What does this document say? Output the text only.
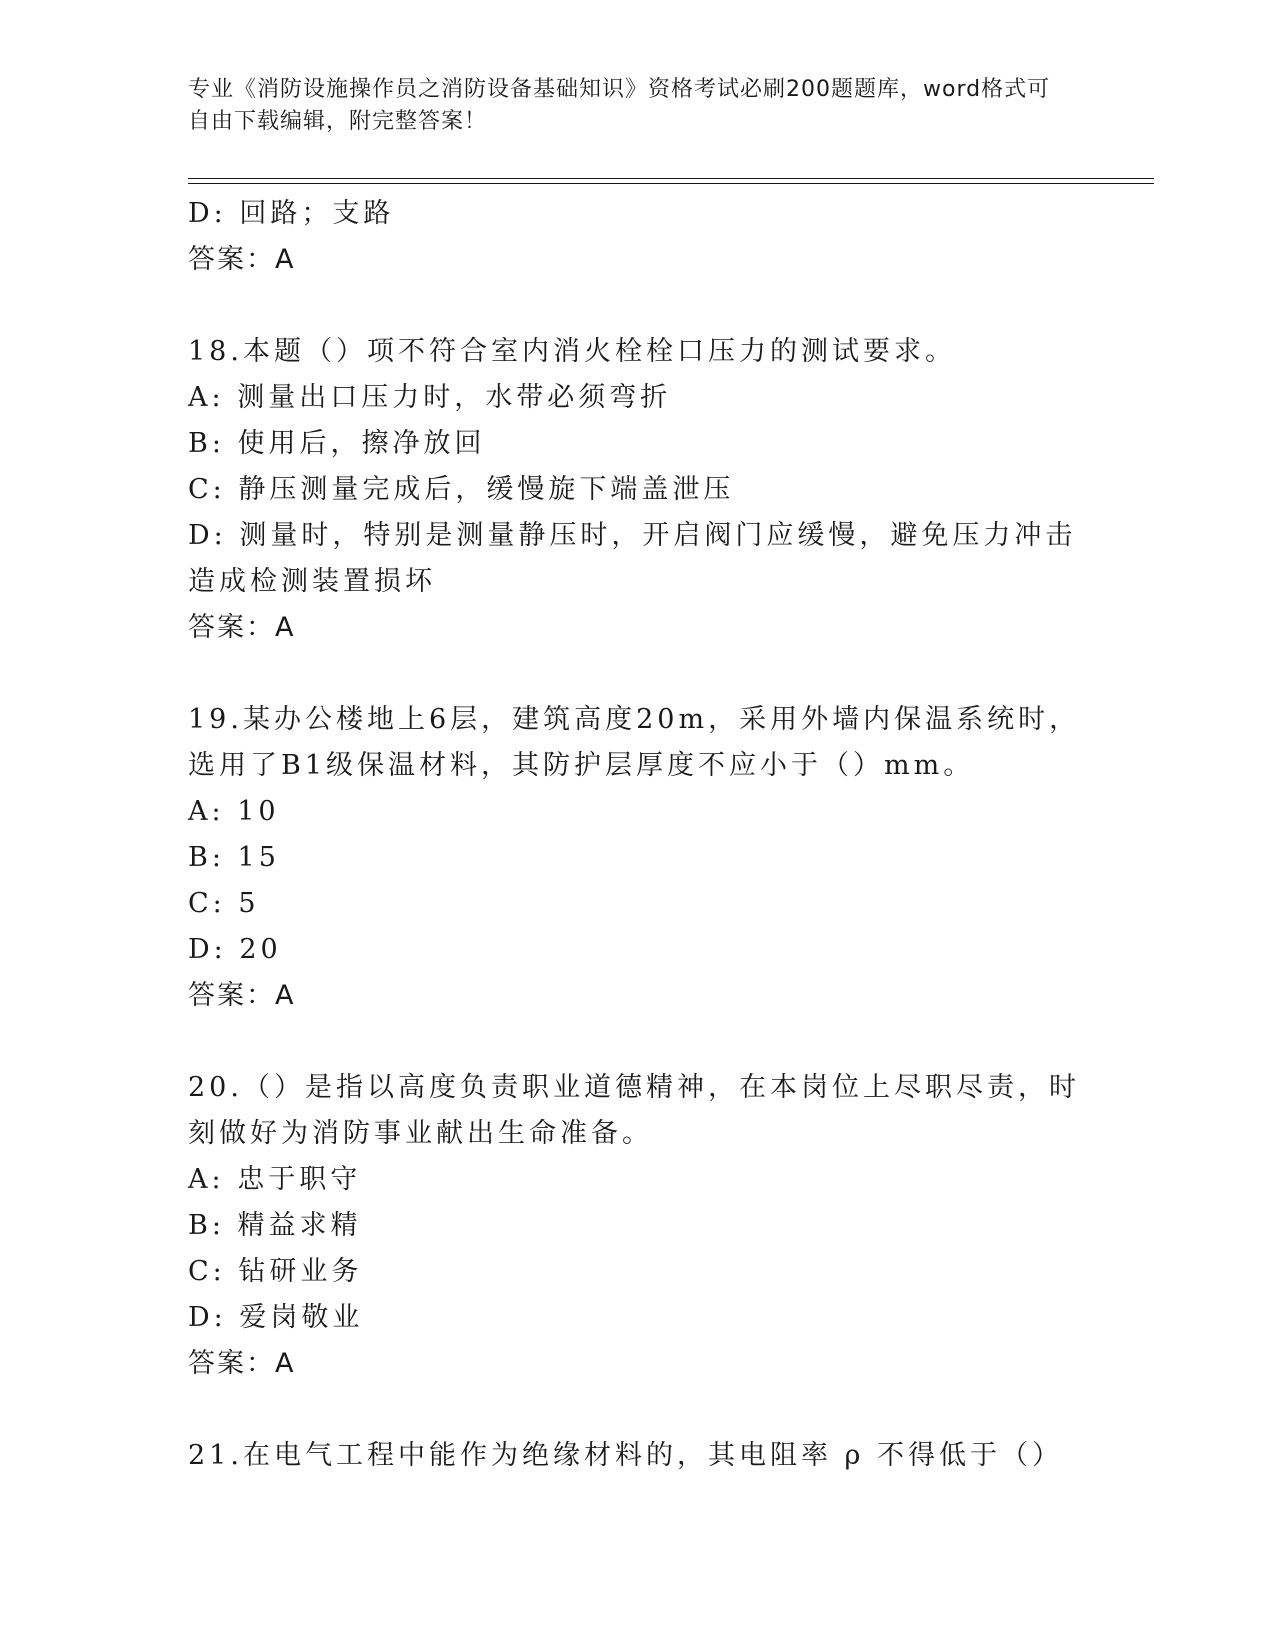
专业《消防设施操作员之消防设备基础知识》资格考试必刷200题题库，word格式可自由下载编辑，附完整答案！
D: 回路；支路
答案：A
18.本题（）项不符合室内消火栓栓口压力的测试要求。
A: 测量出口压力时，水带必须弯折
B: 使用后，擦净放回
C: 静压测量完成后，缓慢旋下端盖泄压
D: 测量时，特别是测量静压时，开启阀门应缓慢，避免压力冲击造成检测装置损坏
答案：A
19.某办公楼地上6层，建筑高度20m，采用外墙内保温系统时，选用了B1级保温材料，其防护层厚度不应小于（）mm。
A: 10
B: 15
C: 5
D: 20
答案：A
20.（）是指以高度负责职业道德精神，在本岗位上尽职尽责，时刻做好为消防事业献出生命准备。
A: 忠于职守
B: 精益求精
C: 钻研业务
D: 爱岗敬业
答案：A
21.在电气工程中能作为绝缘材料的，其电阻率 ρ 不得低于（）
